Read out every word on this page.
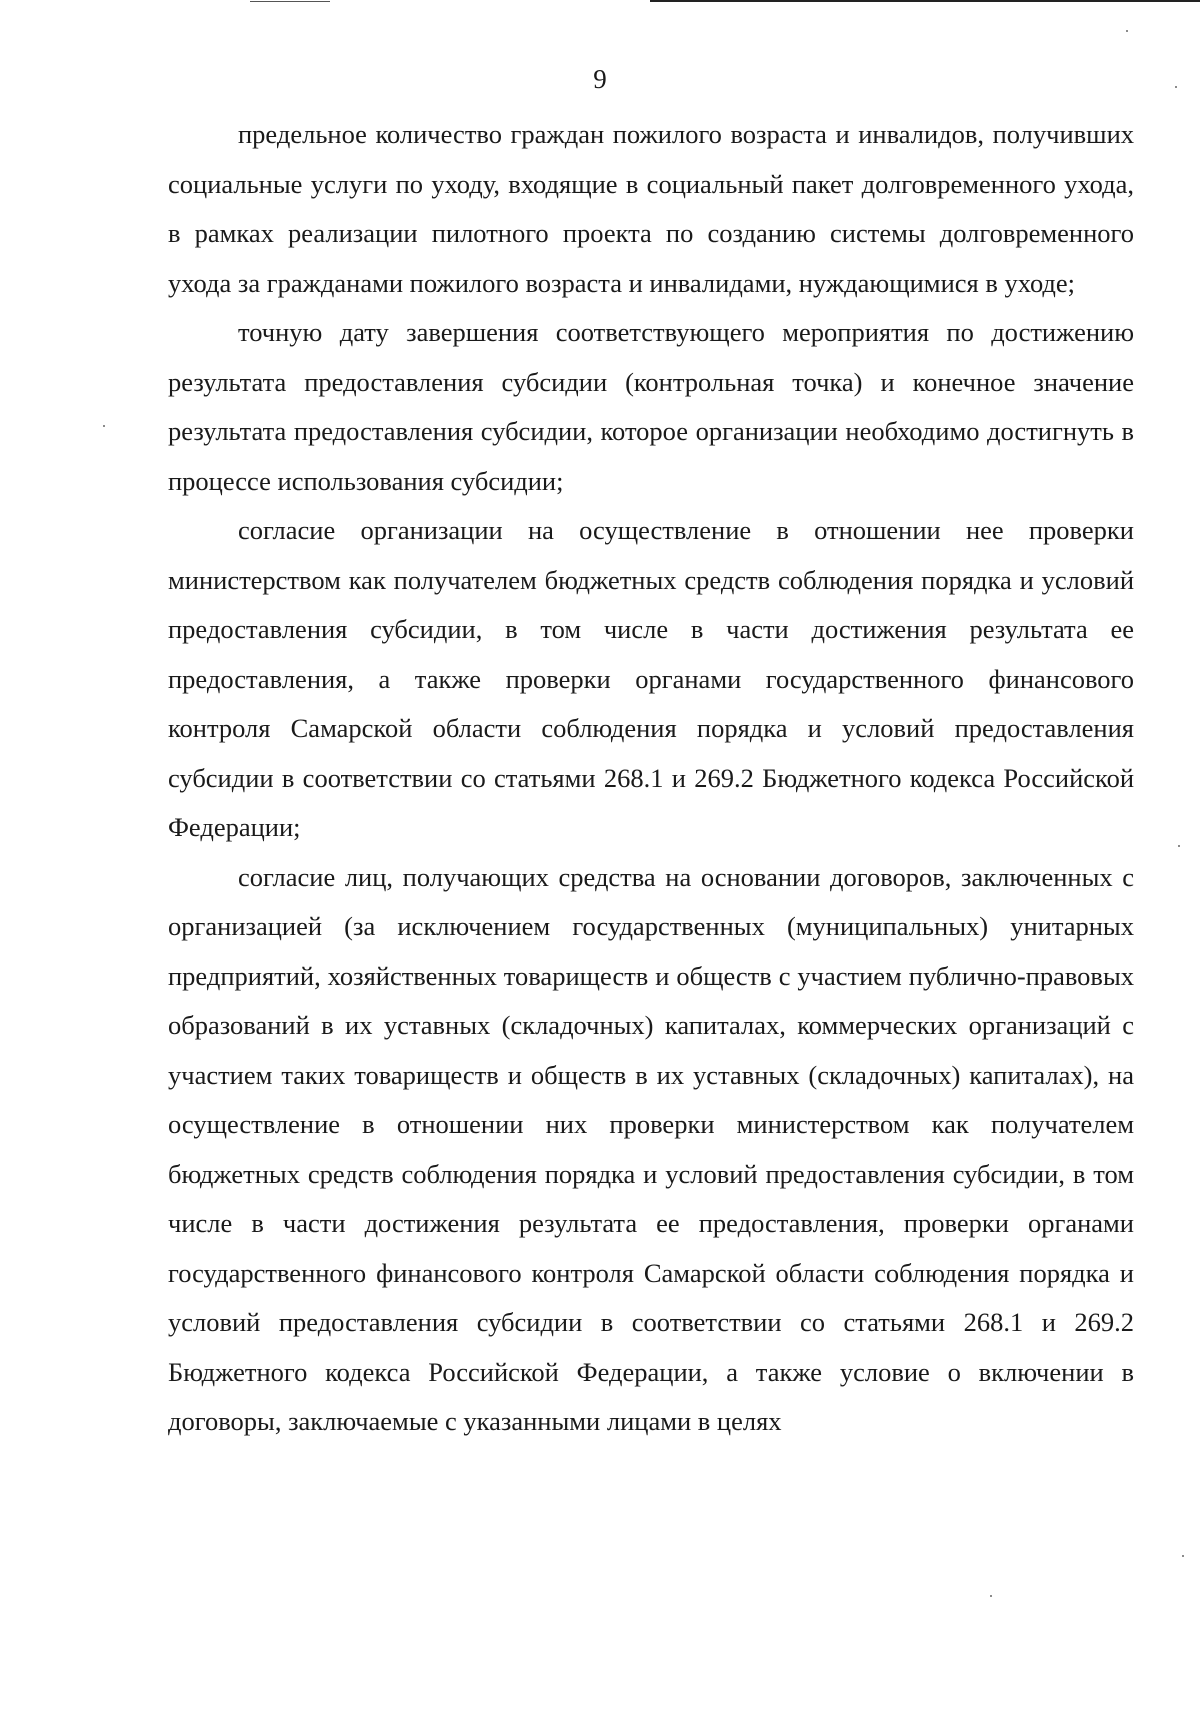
9

предельное количество граждан пожилого возраста и инвалидов, получивших социальные услуги по уходу, входящие в социальный пакет долговременного ухода, в рамках реализации пилотного проекта по созданию системы долговременного ухода за гражданами пожилого возраста и инвалидами, нуждающимися в уходе;

точную дату завершения соответствующего мероприятия по достижению результата предоставления субсидии (контрольная точка) и конечное значение результата предоставления субсидии, которое организации необходимо достигнуть в процессе использования субсидии;

согласие организации на осуществление в отношении нее проверки министерством как получателем бюджетных средств соблюдения порядка и условий предоставления субсидии, в том числе в части достижения результата ее предоставления, а также проверки органами государственного финансового контроля Самарской области соблюдения порядка и условий предоставления субсидии в соответствии со статьями 268.1 и 269.2 Бюджетного кодекса Российской Федерации;

согласие лиц, получающих средства на основании договоров, заключенных с организацией (за исключением государственных (муниципальных) унитарных предприятий, хозяйственных товариществ и обществ с участием публично-правовых образований в их уставных (складочных) капиталах, коммерческих организаций с участием таких товариществ и обществ в их уставных (складочных) капиталах), на осуществление в отношении них проверки министерством как получателем бюджетных средств соблюдения порядка и условий предоставления субсидии, в том числе в части достижения результата ее предоставления, проверки органами государственного финансового контроля Самарской области соблюдения порядка и условий предоставления субсидии в соответствии со статьями 268.1 и 269.2 Бюджетного кодекса Российской Федерации, а также условие о включении в договоры, заключаемые с указанными лицами в целях
